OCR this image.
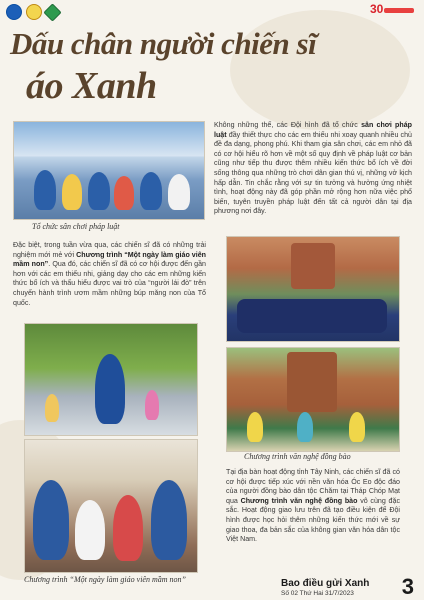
30
Dấu chân người chiến sĩ
áo Xanh
Tổ chức sân chơi pháp luật

Không những thế, các Đội hình đã tổ chức sân chơi pháp luật đầy thiết thực cho các em thiếu nhi xoay quanh nhiều chủ đề đa dạng, phong phú. Khi tham gia sân chơi, các em nhỏ đã có cơ hội hiểu rõ hơn về một số quy định về pháp luật cơ bản cũng như tiếp thu được thêm nhiều kiến thức bổ ích về đời sống thông qua những trò chơi dân gian thú vị, những vở kịch hấp dẫn. Tin chắc rằng với sự tin tưởng và hưởng ứng nhiệt tình, hoạt động này đã góp phần mở rộng hơn nữa việc phổ biến, tuyên truyền pháp luật đến tất cả người dân tại địa phương nơi đây.

Đặc biệt, trong tuần vừa qua, các chiến sĩ đã có những trải nghiệm mới mẻ với Chương trình “Một ngày làm giáo viên mầm non”. Qua đó, các chiến sĩ đã có cơ hội được đến gần hơn với các em thiếu nhi, giảng dạy cho các em những kiến thức bổ ích và thấu hiểu được vai trò của “người lái đò” trên chuyến hành trình ươm mầm những búp măng non của Tổ quốc.

Chương trình văn nghệ đồng bào
Chương trình “Một ngày làm giáo viên mầm non”

Tại địa bàn hoạt động tỉnh Tây Ninh, các chiến sĩ đã có cơ hội được tiếp xúc với nền văn hóa Óc Eo độc đáo của người đồng bào dân tộc Chăm tại Tháp Chóp Mạt qua Chương trình văn nghệ đồng bào vô cùng đặc sắc. Hoạt động giao lưu trên đã tạo điều kiện để Đội hình được học hỏi thêm những kiến thức mới về sự giao thoa, đa bản sắc của không gian văn hóa dân tộc Việt Nam.

Bao điều gửi Xanh
Số 02 Thứ Hai 31/7/2023 3
